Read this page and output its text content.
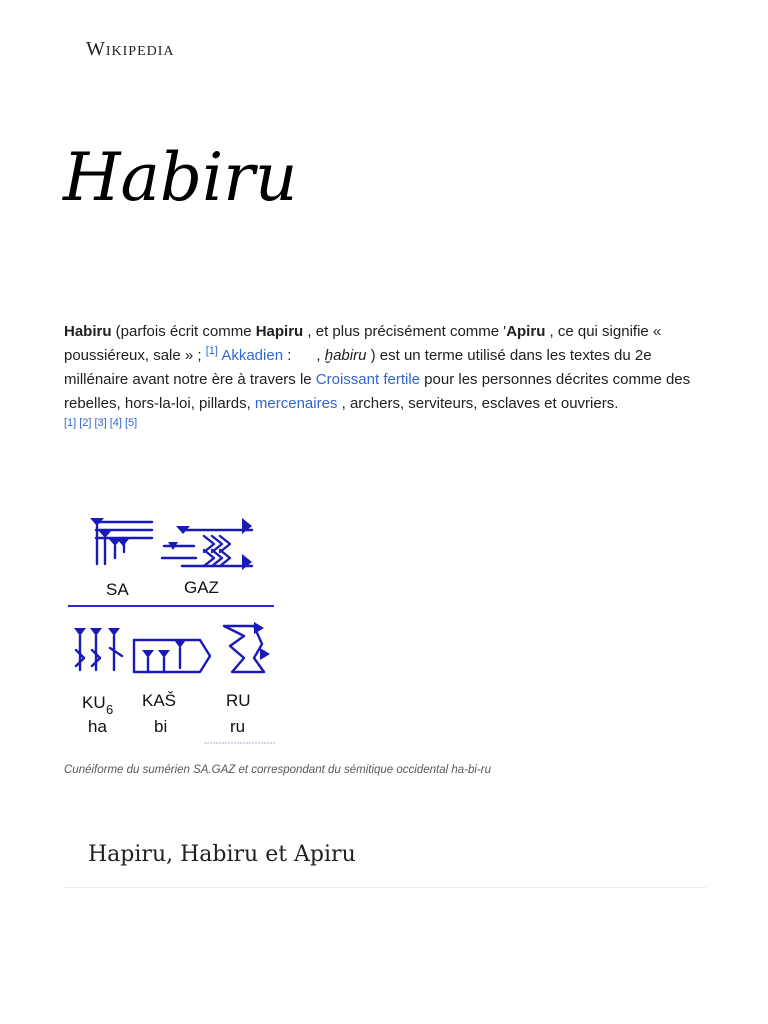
Wikipedia
Habiru

Habiru (parfois écrit comme Hapiru , et plus précisément comme 'Apiru , ce qui signifie « poussiéreux, sale » ; [1] Akkadien :      , ḫabiru ) est un terme utilisé dans les textes du 2e millénaire avant notre ère à travers le Croissant fertile pour les personnes décrites comme des rebelles, hors-la-loi, pillards, mercenaires , archers, serviteurs, esclaves et ouvriers.

[1] [2] [3] [4] [5]
SA	GAZ
KU 6 KAŠ	RU
ha	bi	ru
Cunéiforme du sumérien SA.GAZ et correspondant du sémitique occidental ha-bi-ru
Hapiru, Habiru et Apiru
